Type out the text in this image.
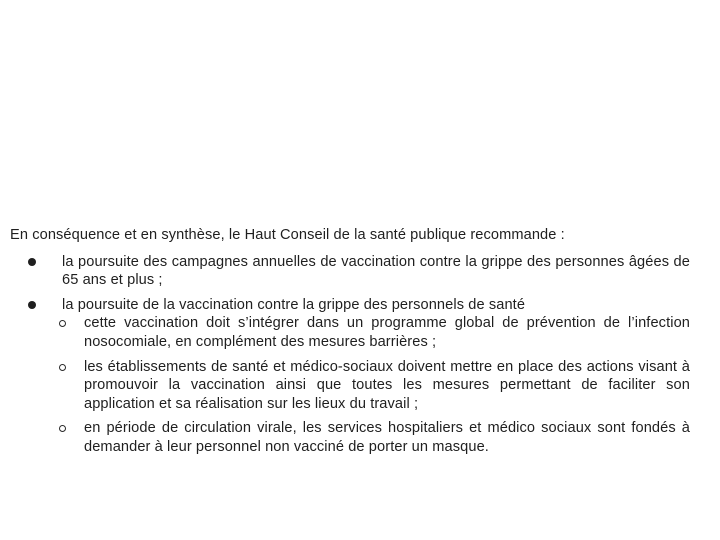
En conséquence et en synthèse, le Haut Conseil de la santé publique recommande :
la poursuite des campagnes annuelles de vaccination contre la grippe des personnes âgées de 65 ans et plus ;
la poursuite de la vaccination contre la grippe des personnels de santé
cette vaccination doit s’intégrer dans un programme global de prévention de l’infection nosocomiale, en complément des mesures barrières ;
les établissements de santé et médico-sociaux doivent mettre en place des actions visant à promouvoir la vaccination ainsi que toutes les mesures permettant de faciliter son application et sa réalisation sur les lieux du travail ;
en période de circulation virale, les services hospitaliers et médico sociaux sont fondés à demander à leur personnel non vacciné de porter un masque.
